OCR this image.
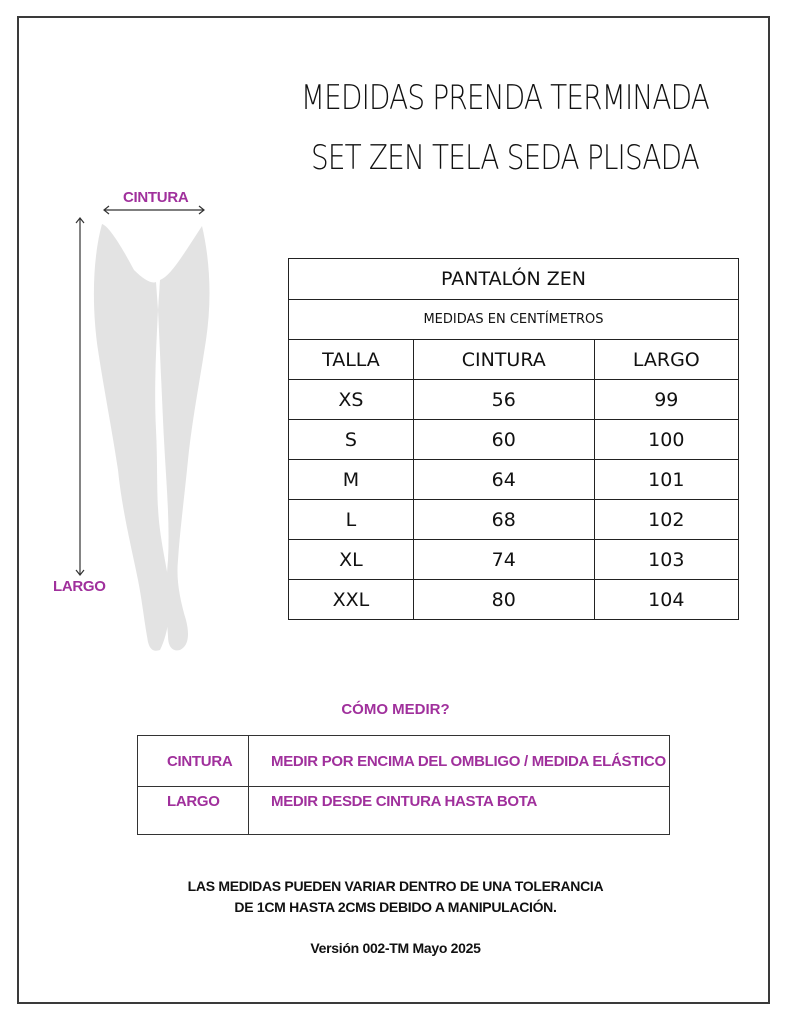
MEDIDAS PRENDA TERMINADA
SET ZEN TELA SEDA PLISADA
CINTURA
LARGO
PANTALÓN ZEN		
MEDIDAS EN CENTÍMETROS		
TALLA	CINTURA	LARGO
XS	56	99
S	60	100
M	64	101
L	68	102
XL	74	103
XXL	80	104
CÓMO MEDIR?
CINTURA	MEDIR POR ENCIMA DEL OMBLIGO / MEDIDA ELÁSTICO
LARGO	MEDIR DESDE CINTURA HASTA BOTA
LAS MEDIDAS PUEDEN VARIAR DENTRO DE UNA TOLERANCIA
DE 1CM HASTA 2CMS DEBIDO A MANIPULACIÓN.
Versión 002-TM Mayo 2025
